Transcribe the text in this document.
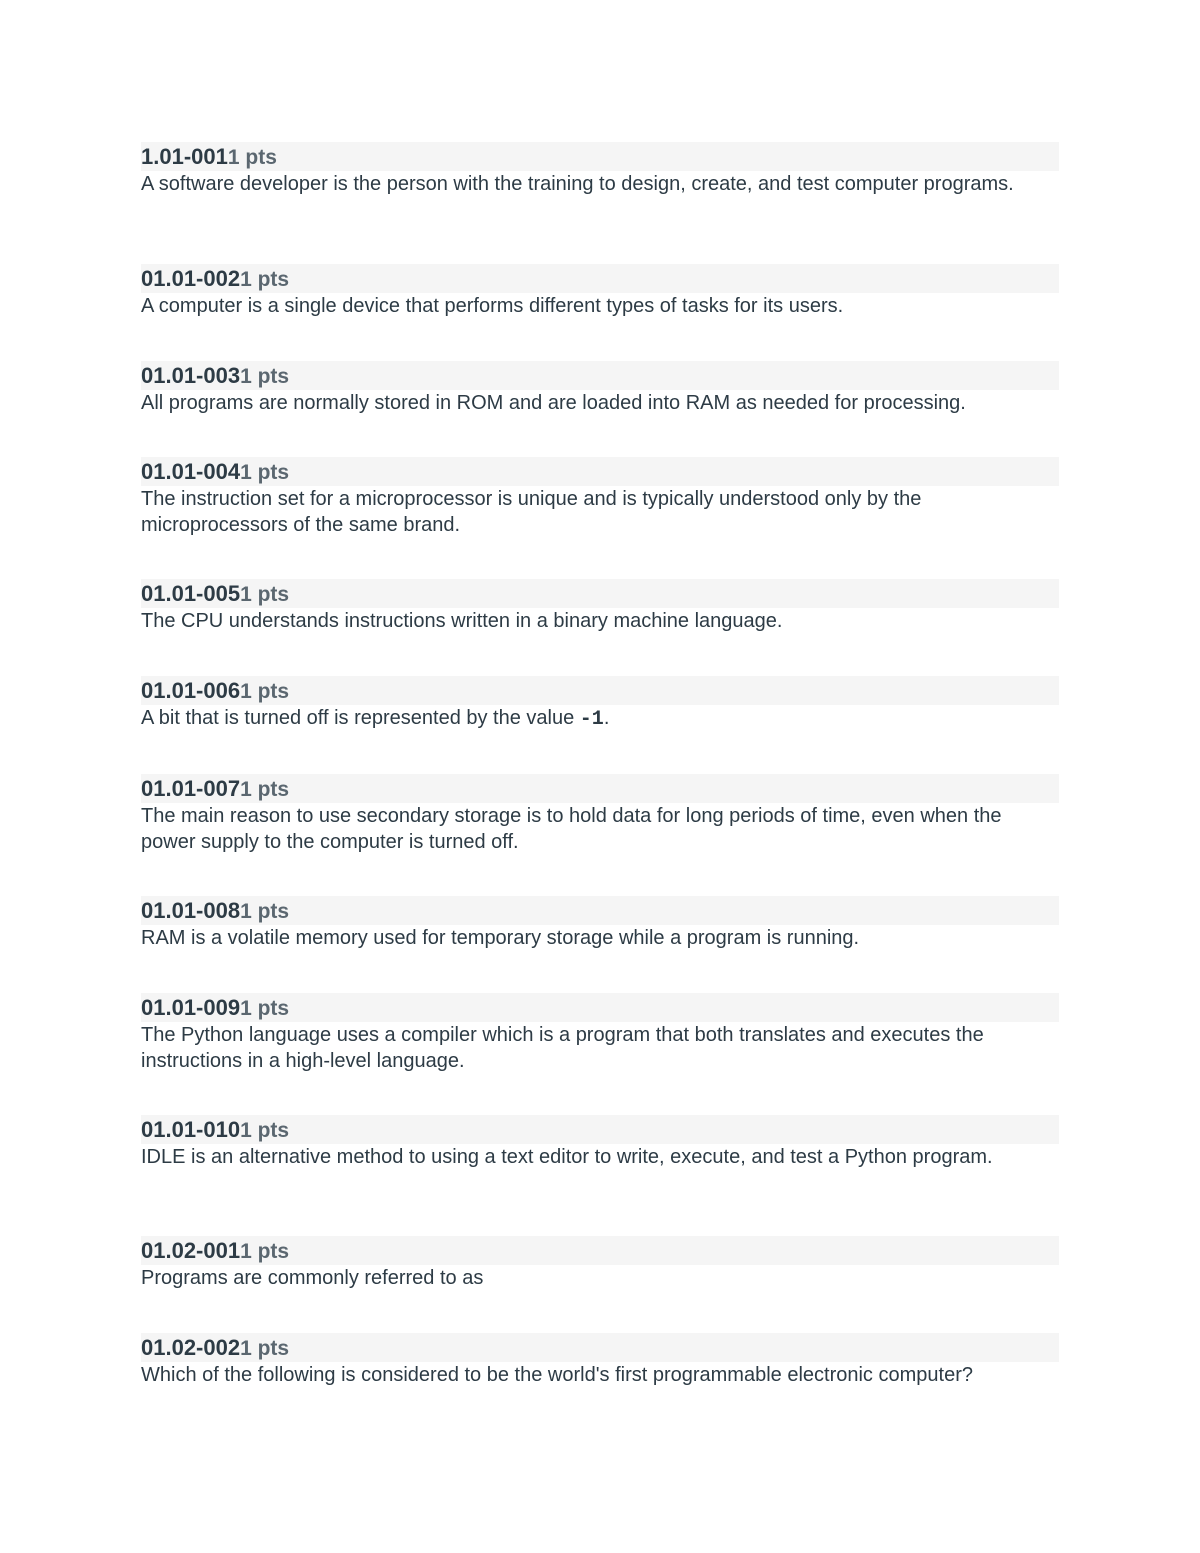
1.01-0011 pts
A software developer is the person with the training to design, create, and test computer programs.
01.01-0021 pts
A computer is a single device that performs different types of tasks for its users.
01.01-0031 pts
All programs are normally stored in ROM and are loaded into RAM as needed for processing.
01.01-0041 pts
The instruction set for a microprocessor is unique and is typically understood only by the microprocessors of the same brand.
01.01-0051 pts
The CPU understands instructions written in a binary machine language.
01.01-0061 pts
A bit that is turned off is represented by the value -1.
01.01-0071 pts
The main reason to use secondary storage is to hold data for long periods of time, even when the power supply to the computer is turned off.
01.01-0081 pts
RAM is a volatile memory used for temporary storage while a program is running.
01.01-0091 pts
The Python language uses a compiler which is a program that both translates and executes the instructions in a high-level language.
01.01-0101 pts
IDLE is an alternative method to using a text editor to write, execute, and test a Python program.
01.02-0011 pts
Programs are commonly referred to as
01.02-0021 pts
Which of the following is considered to be the world's first programmable electronic computer?
